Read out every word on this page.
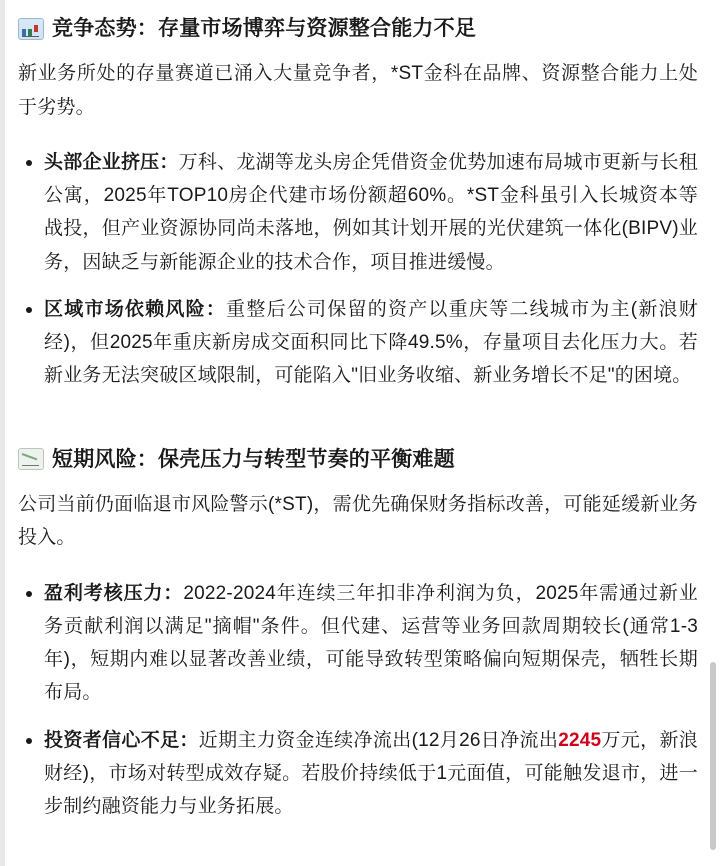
竞争态势：存量市场博弈与资源整合能力不足

新业务所处的存量赛道已涌入大量竞争者，*ST金科在品牌、资源整合能力上处于劣势。

头部企业挤压：万科、龙湖等龙头房企凭借资金优势加速布局城市更新与长租公寓，2025年TOP10房企代建市场份额超60%。*ST金科虽引入长城资本等战投，但产业资源协同尚未落地，例如其计划开展的光伏建筑一体化(BIPV)业务，因缺乏与新能源企业的技术合作，项目推进缓慢。
区域市场依赖风险：重整后公司保留的资产以重庆等二线城市为主(新浪财经)，但2025年重庆新房成交面积同比下降49.5%，存量项目去化压力大。若新业务无法突破区域限制，可能陷入"旧业务收缩、新业务增长不足"的困境。
短期风险：保壳压力与转型节奏的平衡难题

公司当前仍面临退市风险警示(*ST)，需优先确保财务指标改善，可能延缓新业务投入。

盈利考核压力：2022-2024年连续三年扣非净利润为负，2025年需通过新业务贡献利润以满足"摘帽"条件。但代建、运营等业务回款周期较长(通常1-3年)，短期内难以显著改善业绩，可能导致转型策略偏向短期保壳，牺牲长期布局。
投资者信心不足：近期主力资金连续净流出(12月26日净流出2245万元，新浪财经)，市场对转型成效存疑。若股价持续低于1元面值，可能触发退市，进一步制约融资能力与业务拓展。
